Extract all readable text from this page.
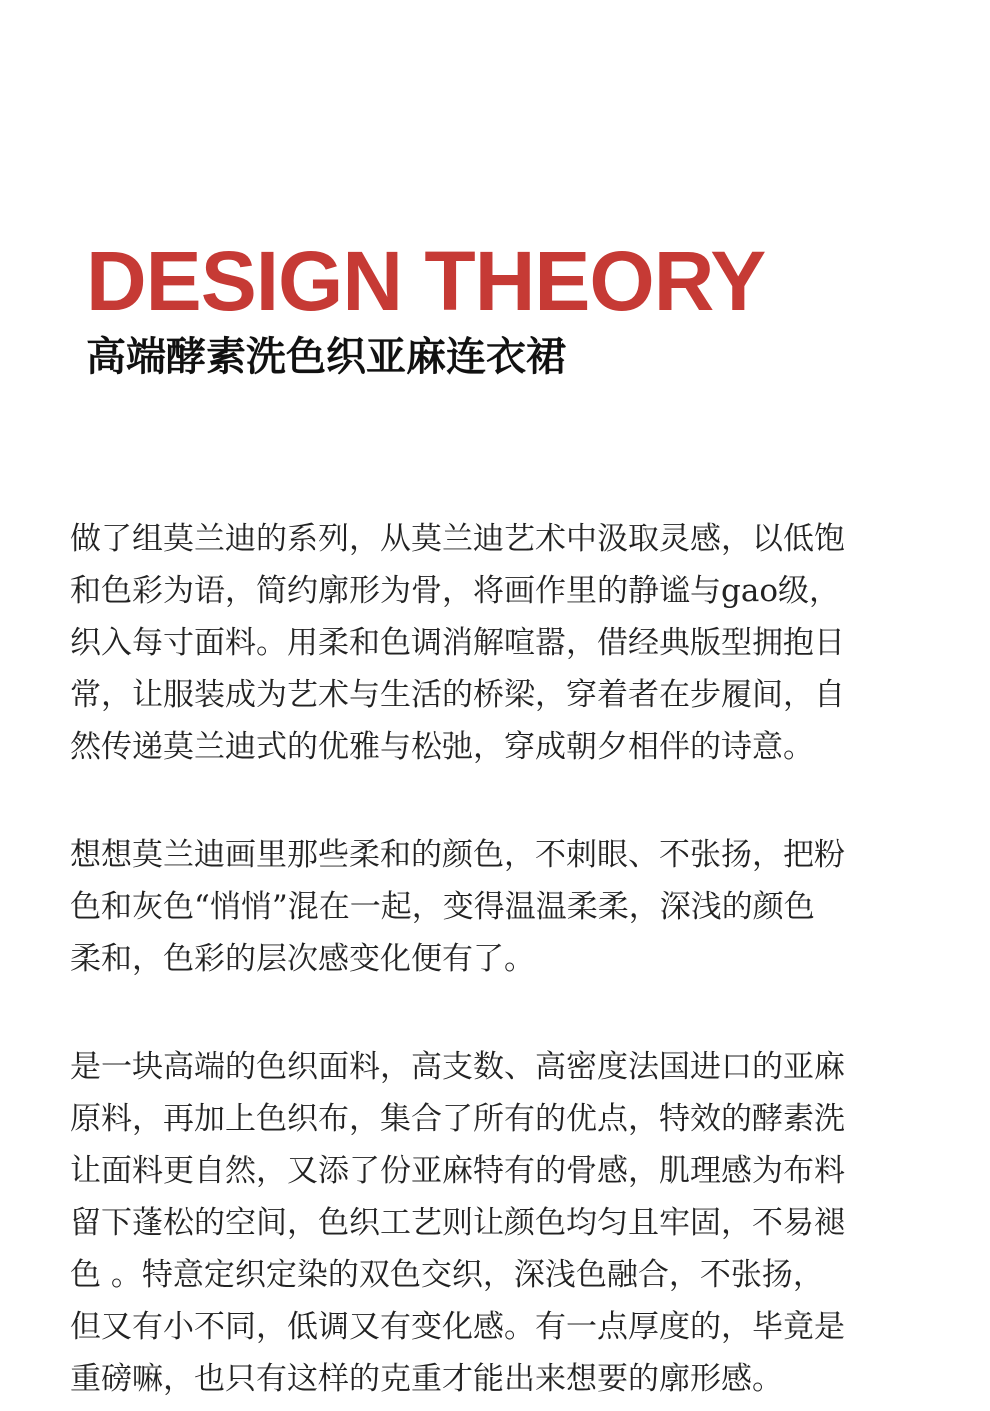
DESIGN THEORY
高端酵素洗色织亚麻连衣裙

做了组莫兰迪的系列，从莫兰迪艺术中汲取灵感，以低饱
和色彩为语，简约廓形为骨，将画作里的静谧与gao级，
织入每寸面料。用柔和色调消解喧嚣，借经典版型拥抱日
常，让服装成为艺术与生活的桥梁，穿着者在步履间，自
然传递莫兰迪式的优雅与松弛，穿成朝夕相伴的诗意。

想想莫兰迪画里那些柔和的颜色，不刺眼、不张扬，把粉
色和灰色“悄悄”混在一起，变得温温柔柔，深浅的颜色
柔和，色彩的层次感变化便有了。

是一块高端的色织面料，高支数、高密度法国进口的亚麻
原料，再加上色织布，集合了所有的优点，特效的酵素洗
让面料更自然，又添了份亚麻特有的骨感，肌理感为布料
留下蓬松的空间，色织工艺则让颜色均匀且牢固，不易褪
色 。特意定织定染的双色交织，深浅色融合，不张扬，
但又有小不同，低调又有变化感。有一点厚度的，毕竟是
重磅嘛，也只有这样的克重才能出来想要的廓形感。
